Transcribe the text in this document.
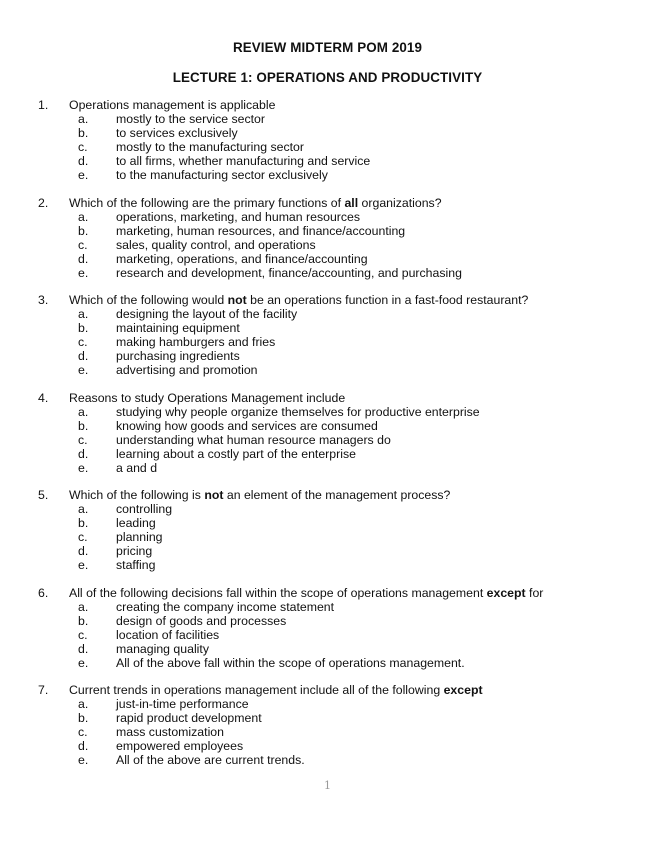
REVIEW MIDTERM POM 2019
LECTURE 1: OPERATIONS AND PRODUCTIVITY
1. Operations management is applicable
a. mostly to the service sector
b. to services exclusively
c. mostly to the manufacturing sector
d. to all firms, whether manufacturing and service
e. to the manufacturing sector exclusively
2. Which of the following are the primary functions of all organizations?
a. operations, marketing, and human resources
b. marketing, human resources, and finance/accounting
c. sales, quality control, and operations
d. marketing, operations, and finance/accounting
e. research and development, finance/accounting, and purchasing
3. Which of the following would not be an operations function in a fast-food restaurant?
a. designing the layout of the facility
b. maintaining equipment
c. making hamburgers and fries
d. purchasing ingredients
e. advertising and promotion
4. Reasons to study Operations Management include
a. studying why people organize themselves for productive enterprise
b. knowing how goods and services are consumed
c. understanding what human resource managers do
d. learning about a costly part of the enterprise
e. a and d
5. Which of the following is not an element of the management process?
a. controlling
b. leading
c. planning
d. pricing
e. staffing
6. All of the following decisions fall within the scope of operations management except for
a. creating the company income statement
b. design of goods and processes
c. location of facilities
d. managing quality
e. All of the above fall within the scope of operations management.
7. Current trends in operations management include all of the following except
a. just-in-time performance
b. rapid product development
c. mass customization
d. empowered employees
e. All of the above are current trends.
1
